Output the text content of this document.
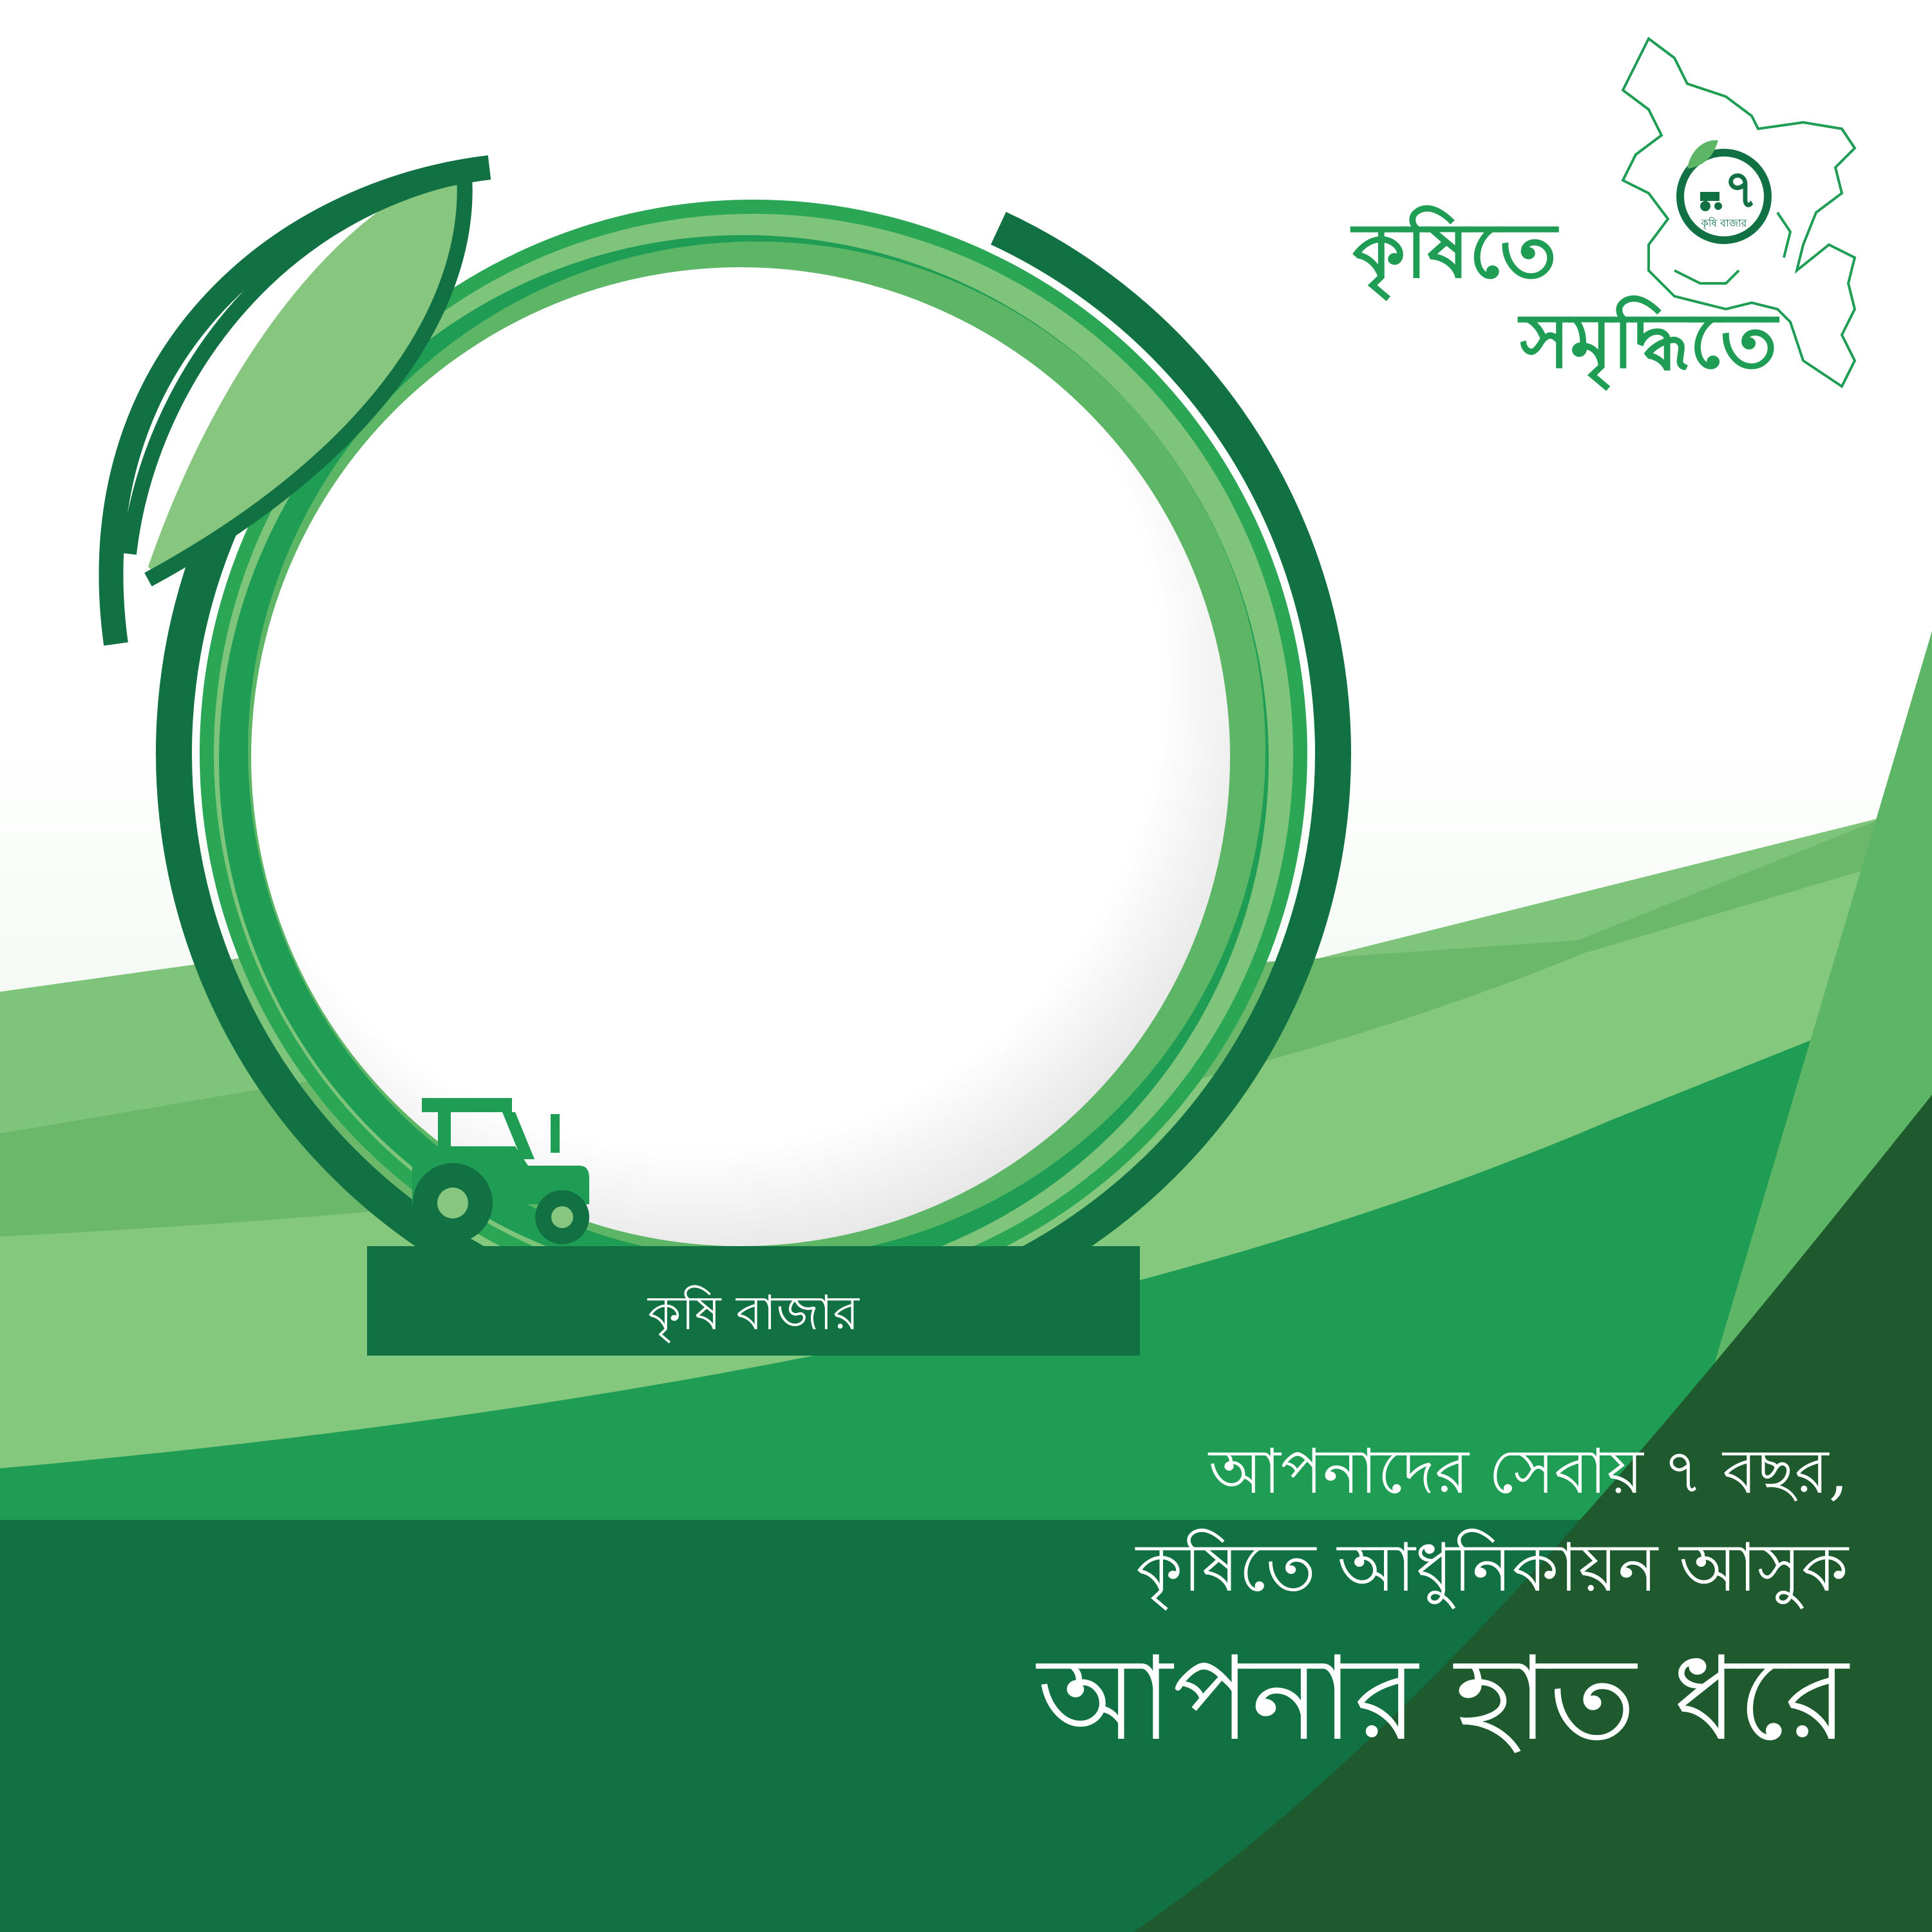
কৃষি বাজার
৭
কৃষি বাজার
কৃষিতে
সমৃদ্ধিতে
আপনাদের সেবায় ৭ বছর,
কৃষিতে আধুনিকায়ন আসুক
আপনার হাত ধরে
